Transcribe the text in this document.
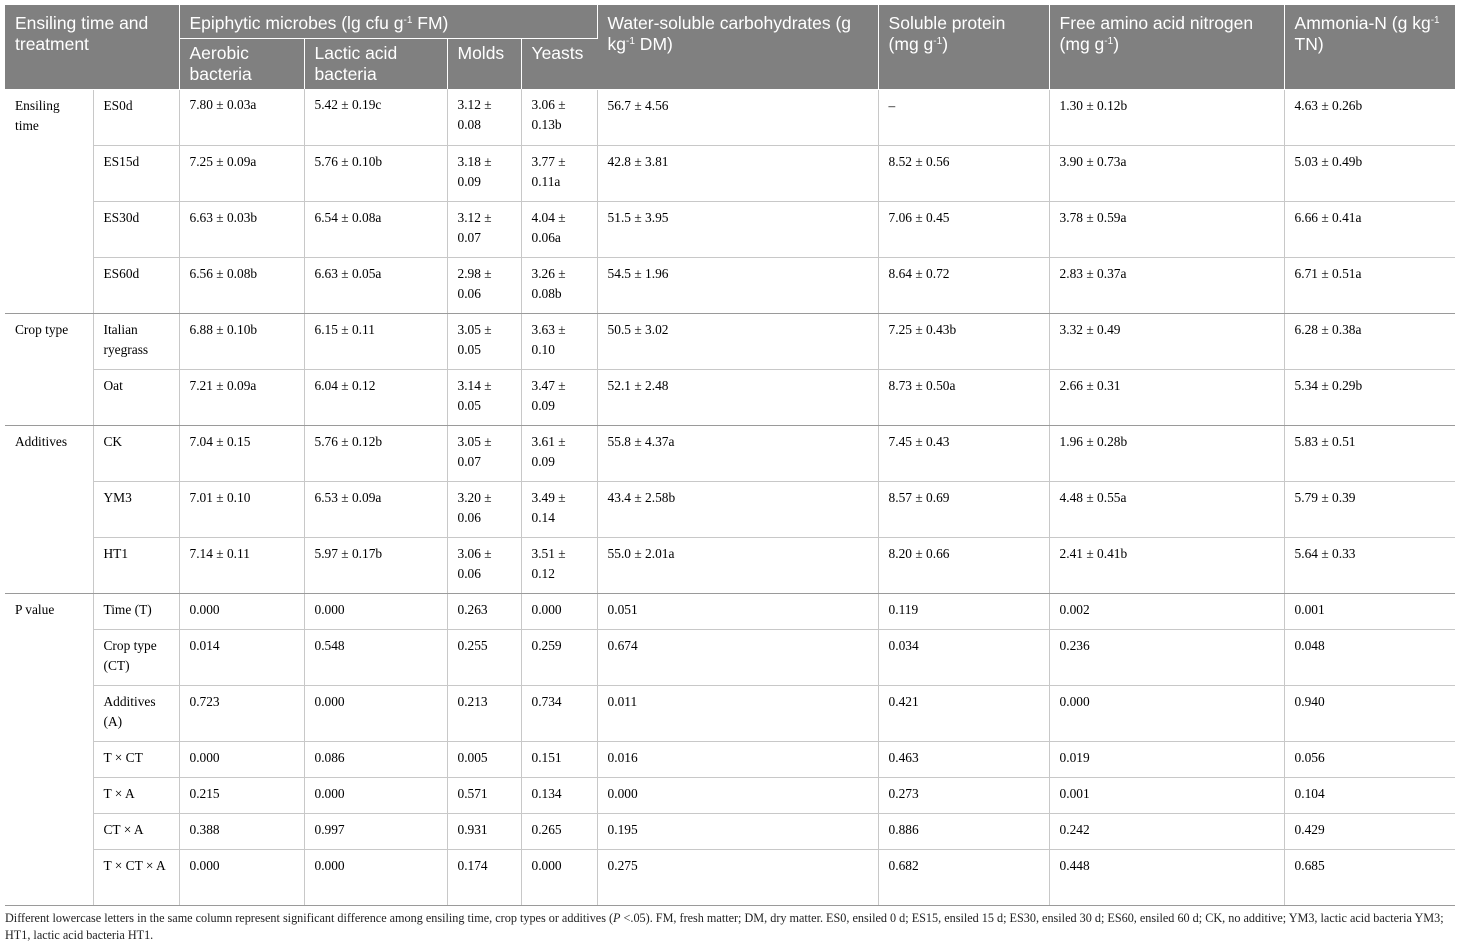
Ensiling time and treatment		Epiphytic microbes (lg cfu $g^{-1}$ FM)				Water-soluble carbohydrates (g $kg^{-1}$ DM)	Soluble protein (mg $g^{-1}$)	Free amino acid nitrogen (mg $g^{-1}$)	Ammonia-N (g $kg^{-1}$ TN)
		Aerobic bacteria	Lactic acid bacteria	Molds	Yeasts				
Ensiling time	ES0d	7.80 ± 0.03a	5.42 ± 0.19c	3.12 ± 0.08	3.06 ± 0.13b	56.7 ± 4.56	–	1.30 ± 0.12b	4.63 ± 0.26b
	ES15d	7.25 ± 0.09a	5.76 ± 0.10b	3.18 ± 0.09	3.77 ± 0.11a	42.8 ± 3.81	8.52 ± 0.56	3.90 ± 0.73a	5.03 ± 0.49b
	ES30d	6.63 ± 0.03b	6.54 ± 0.08a	3.12 ± 0.07	4.04 ± 0.06a	51.5 ± 3.95	7.06 ± 0.45	3.78 ± 0.59a	6.66 ± 0.41a
	ES60d	6.56 ± 0.08b	6.63 ± 0.05a	2.98 ± 0.06	3.26 ± 0.08b	54.5 ± 1.96	8.64 ± 0.72	2.83 ± 0.37a	6.71 ± 0.51a
Crop type	Italian ryegrass	6.88 ± 0.10b	6.15 ± 0.11	3.05 ± 0.05	3.63 ± 0.10	50.5 ± 3.02	7.25 ± 0.43b	3.32 ± 0.49	6.28 ± 0.38a
	Oat	7.21 ± 0.09a	6.04 ± 0.12	3.14 ± 0.05	3.47 ± 0.09	52.1 ± 2.48	8.73 ± 0.50a	2.66 ± 0.31	5.34 ± 0.29b
Additives	CK	7.04 ± 0.15	5.76 ± 0.12b	3.05 ± 0.07	3.61 ± 0.09	55.8 ± 4.37a	7.45 ± 0.43	1.96 ± 0.28b	5.83 ± 0.51
	YM3	7.01 ± 0.10	6.53 ± 0.09a	3.20 ± 0.06	3.49 ± 0.14	43.4 ± 2.58b	8.57 ± 0.69	4.48 ± 0.55a	5.79 ± 0.39
	HT1	7.14 ± 0.11	5.97 ± 0.17b	3.06 ± 0.06	3.51 ± 0.12	55.0 ± 2.01a	8.20 ± 0.66	2.41 ± 0.41b	5.64 ± 0.33
P value	Time (T)	0.000	0.000	0.263	0.000	0.051	0.119	0.002	0.001
	Crop type (CT)	0.014	0.548	0.255	0.259	0.674	0.034	0.236	0.048
	Additives (A)	0.723	0.000	0.213	0.734	0.011	0.421	0.000	0.940
	T × CT	0.000	0.086	0.005	0.151	0.016	0.463	0.019	0.056
	T × A	0.215	0.000	0.571	0.134	0.000	0.273	0.001	0.104
	CT × A	0.388	0.997	0.931	0.265	0.195	0.886	0.242	0.429
	T × CT × A	0.000	0.000	0.174	0.000	0.275	0.682	0.448	0.685
Different lowercase letters in the same column represent significant difference among ensiling time, crop types or additives (P <.05). FM, fresh matter; DM, dry matter. ES0, ensiled 0 d; ES15, ensiled 15 d; ES30, ensiled 30 d; ES60, ensiled 60 d; CK, no additive; YM3, lactic acid bacteria YM3; HT1, lactic acid bacteria HT1.
